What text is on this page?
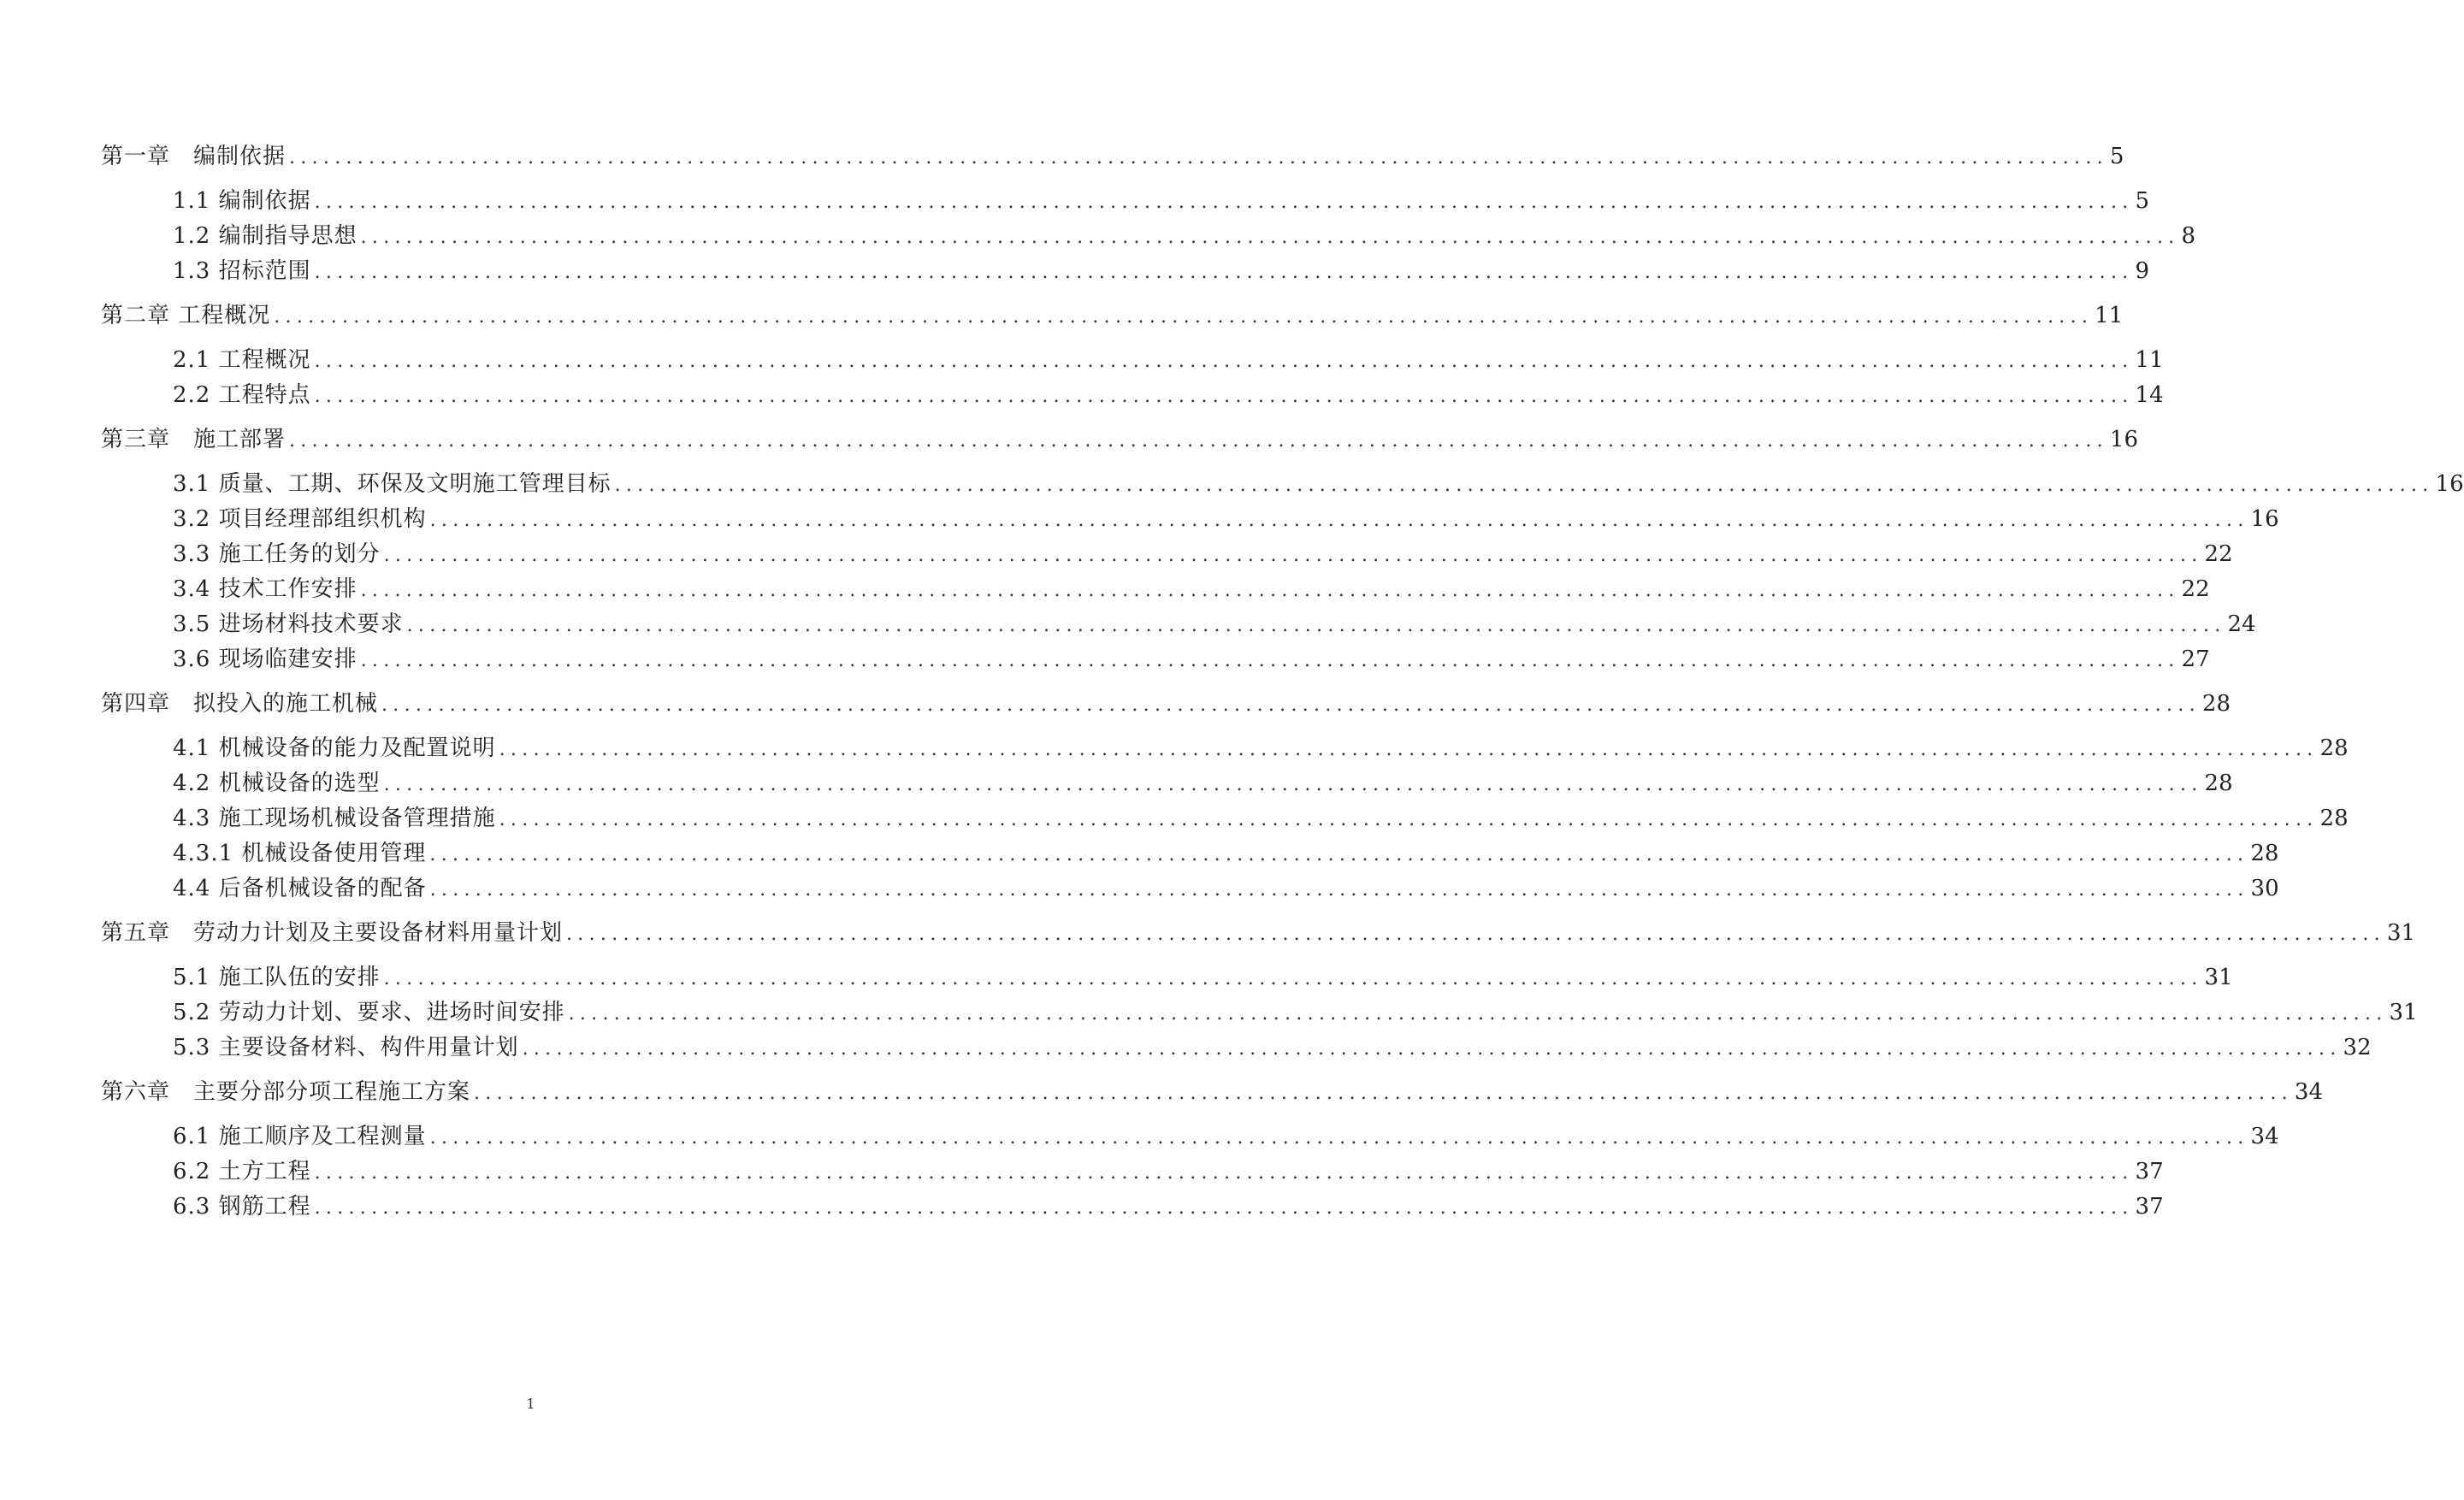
第一章　编制依据 ................................................................................................................................................................ 5
1.1 编制依据 ................................................................................................................................................................ 5
1.2 编制指导思想 ................................................................................................................................................................ 8
1.3 招标范围 ................................................................................................................................................................ 9
第二章 工程概况 ................................................................................................................................................................ 11
2.1 工程概况 ................................................................................................................................................................ 11
2.2 工程特点 ................................................................................................................................................................ 14
第三章　施工部署 ................................................................................................................................................................ 16
3.1 质量、工期、环保及文明施工管理目标 ................................................................................................................................................................ 16
3.2 项目经理部组织机构 ................................................................................................................................................................ 16
3.3 施工任务的划分 ................................................................................................................................................................ 22
3.4 技术工作安排 ................................................................................................................................................................ 22
3.5 进场材料技术要求 ................................................................................................................................................................ 24
3.6 现场临建安排 ................................................................................................................................................................ 27
第四章　拟投入的施工机械 ................................................................................................................................................................ 28
4.1 机械设备的能力及配置说明 ................................................................................................................................................................ 28
4.2 机械设备的选型 ................................................................................................................................................................ 28
4.3 施工现场机械设备管理措施 ................................................................................................................................................................ 28
4.3.1 机械设备使用管理 ................................................................................................................................................................ 28
4.4 后备机械设备的配备 ................................................................................................................................................................ 30
第五章　劳动力计划及主要设备材料用量计划 ................................................................................................................................................................ 31
5.1 施工队伍的安排 ................................................................................................................................................................ 31
5.2 劳动力计划、要求、进场时间安排 ................................................................................................................................................................ 31
5.3 主要设备材料、构件用量计划 ................................................................................................................................................................ 32
第六章　主要分部分项工程施工方案 ................................................................................................................................................................ 34
6.1 施工顺序及工程测量 ................................................................................................................................................................ 34
6.2 土方工程 ................................................................................................................................................................ 37
6.3 钢筋工程 ................................................................................................................................................................ 37
1
